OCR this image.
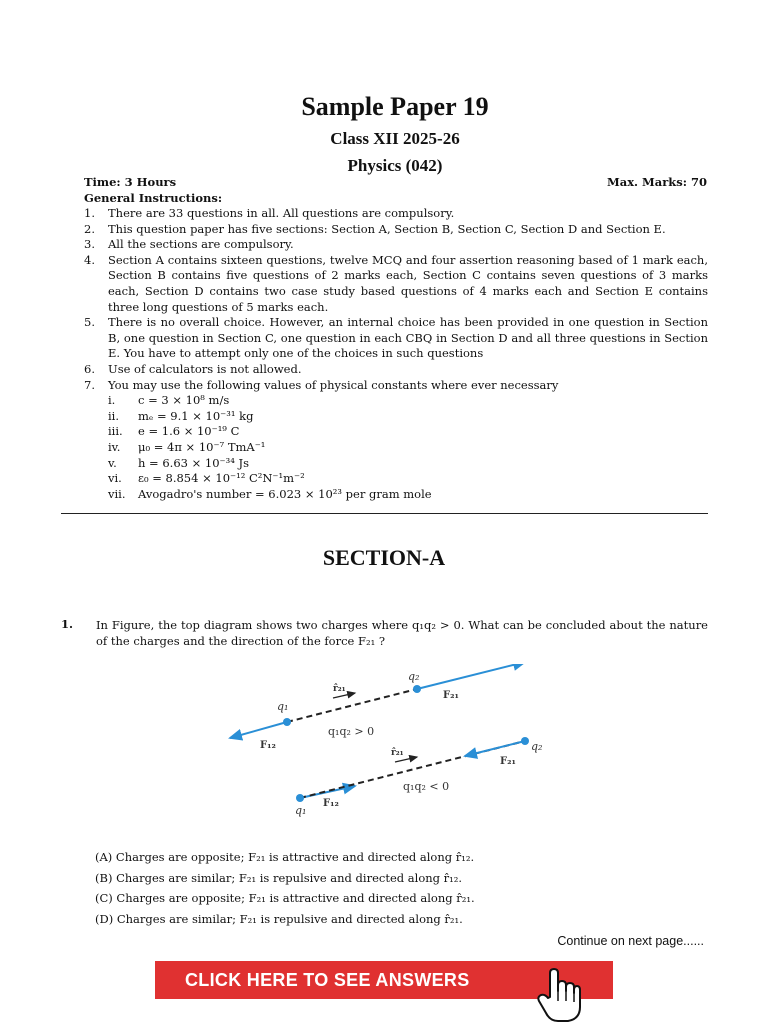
Sample Paper 19
Class XII 2025-26
Physics (042)
Time: 3 Hours	Max. Marks: 70
General Instructions:
1.	There are 33 questions in all. All questions are compulsory.
2.	This question paper has five sections: Section A, Section B, Section C, Section D and Section E.
3.	All the sections are compulsory.
4.	Section A contains sixteen questions, twelve MCQ and four assertion reasoning based of 1 mark each, Section B contains five questions of 2 marks each, Section C contains seven questions of 3 marks each, Section D contains two case study based questions of 4 marks each and Section E contains three long questions of 5 marks each.
5.	There is no overall choice. However, an internal choice has been provided in one question in Section B, one question in Section C, one question in each CBQ in Section D and all three questions in Section E. You have to attempt only one of the choices in such questions
6.	Use of calculators is not allowed.
7.	You may use the following values of physical constants where ever necessary
i.	c = 3 × 10⁸ m/s
ii.	mₑ = 9.1 × 10⁻³¹ kg
iii.	e = 1.6 × 10⁻¹⁹ C
iv.	μ₀ = 4π × 10⁻⁷ TmA⁻¹
v.	h = 6.63 × 10⁻³⁴ Js
vi.	ε₀ = 8.854 × 10⁻¹² C²N⁻¹m⁻²
vii.	Avogadro's number = 6.023 × 10²³ per gram mole
SECTION-A
1. In Figure, the top diagram shows two charges where q₁q₂ > 0. What can be concluded about the nature of the charges and the direction of the force F₂₁ ?
q₁
q₂
r̂₂₁
F₂₁
F₁₂
q₁q₂ > 0
q₁
q₂
r̂₂₁
F₂₁
F₁₂
q₁q₂ < 0
(A) Charges are opposite; F₂₁ is attractive and directed along r̂₁₂.
(B) Charges are similar; F₂₁ is repulsive and directed along r̂₁₂.
(C) Charges are opposite; F₂₁ is attractive and directed along r̂₂₁.
(D) Charges are similar; F₂₁ is repulsive and directed along r̂₂₁.
Continue on next page......
CLICK HERE TO SEE ANSWERS
